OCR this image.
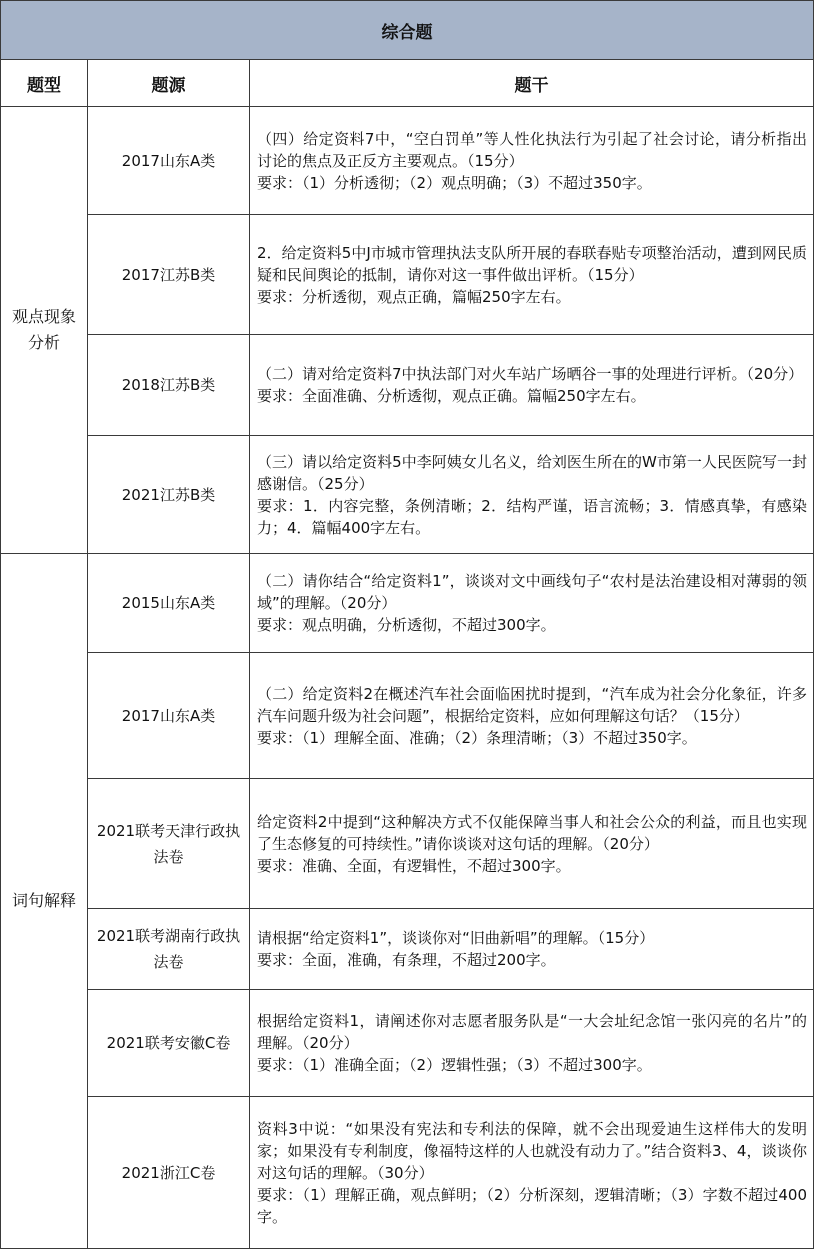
综合题		
题型	题源	题干

观点现象分析	2017山东A类	（四）给定资料7中，“空白罚单”等人性化执法行为引起了社会讨论，请分析指出讨论的焦点及正反方主要观点。（15分）
要求：（1）分析透彻；（2）观点明确；（3）不超过350字。

	2017江苏B类	2．给定资料5中J市城市管理执法支队所开展的春联春贴专项整治活动，遭到网民质疑和民间舆论的抵制，请你对这一事件做出评析。（15分）
要求：分析透彻，观点正确，篇幅250字左右。

	2018江苏B类	（二）请对给定资料7中执法部门对火车站广场晒谷一事的处理进行评析。（20分）
要求：全面准确、分析透彻，观点正确。篇幅250字左右。

	2021江苏B类	（三）请以给定资料5中李阿姨女儿名义，给刘医生所在的W市第一人民医院写一封感谢信。（25分）
要求：1．内容完整，条例清晰；2．结构严谨，语言流畅；3．情感真挚，有感染力；4．篇幅400字左右。

词句解释	2015山东A类	（二）请你结合“给定资料1”，谈谈对文中画线句子“农村是法治建设相对薄弱的领域”的理解。（20分）
要求：观点明确，分析透彻，不超过300字。

	2017山东A类	（二）给定资料2在概述汽车社会面临困扰时提到，“汽车成为社会分化象征，许多汽车问题升级为社会问题”，根据给定资料，应如何理解这句话？（15分）
要求：（1）理解全面、准确；（2）条理清晰；（3）不超过350字。

	2021联考天津行政执法卷	给定资料2中提到“这种解决方式不仅能保障当事人和社会公众的利益，而且也实现了生态修复的可持续性。”请你谈谈对这句话的理解。（20分）
要求：准确、全面，有逻辑性，不超过300字。

	2021联考湖南行政执法卷	请根据“给定资料1”，谈谈你对“旧曲新唱”的理解。（15分）
要求：全面，准确，有条理，不超过200字。

	2021联考安徽C卷	根据给定资料1，请阐述你对志愿者服务队是“一大会址纪念馆一张闪亮的名片”的理解。（20分）
要求：（1）准确全面；（2）逻辑性强；（3）不超过300字。

	2021浙江C卷	资料3中说：“如果没有宪法和专利法的保障，就不会出现爱迪生这样伟大的发明家；如果没有专利制度，像福特这样的人也就没有动力了。”结合资料3、4，谈谈你对这句话的理解。（30分）
要求：（1）理解正确，观点鲜明；（2）分析深刻，逻辑清晰；（3）字数不超过400字。
